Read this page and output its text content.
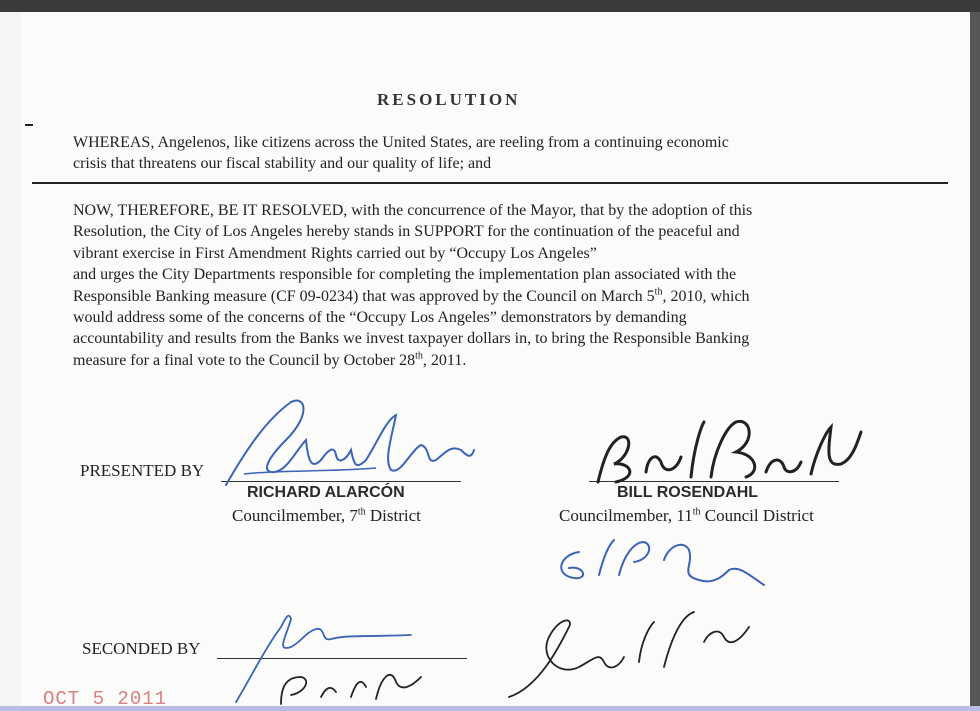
RESOLUTION
WHEREAS, Angelenos, like citizens across the United States, are reeling from a continuing economic
crisis that threatens our fiscal stability and our quality of life; and
NOW, THEREFORE, BE IT RESOLVED, with the concurrence of the Mayor, that by the adoption of this
Resolution, the City of Los Angeles hereby stands in SUPPORT for the continuation of the peaceful and
vibrant exercise in First Amendment Rights carried out by “Occupy Los Angeles”
and urges the City Departments responsible for completing the implementation plan associated with the
Responsible Banking measure (CF 09-0234) that was approved by the Council on March 5th, 2010, which
would address some of the concerns of the “Occupy Los Angeles” demonstrators by demanding
accountability and results from the Banks we invest taxpayer dollars in, to bring the Responsible Banking
measure for a final vote to the Council by October 28th, 2011.
PRESENTED BY
RICHARD ALARCÓN
Councilmember, 7th District
BILL ROSENDAHL
Councilmember, 11th Council District
SECONDED BY
OCT 5 2011
